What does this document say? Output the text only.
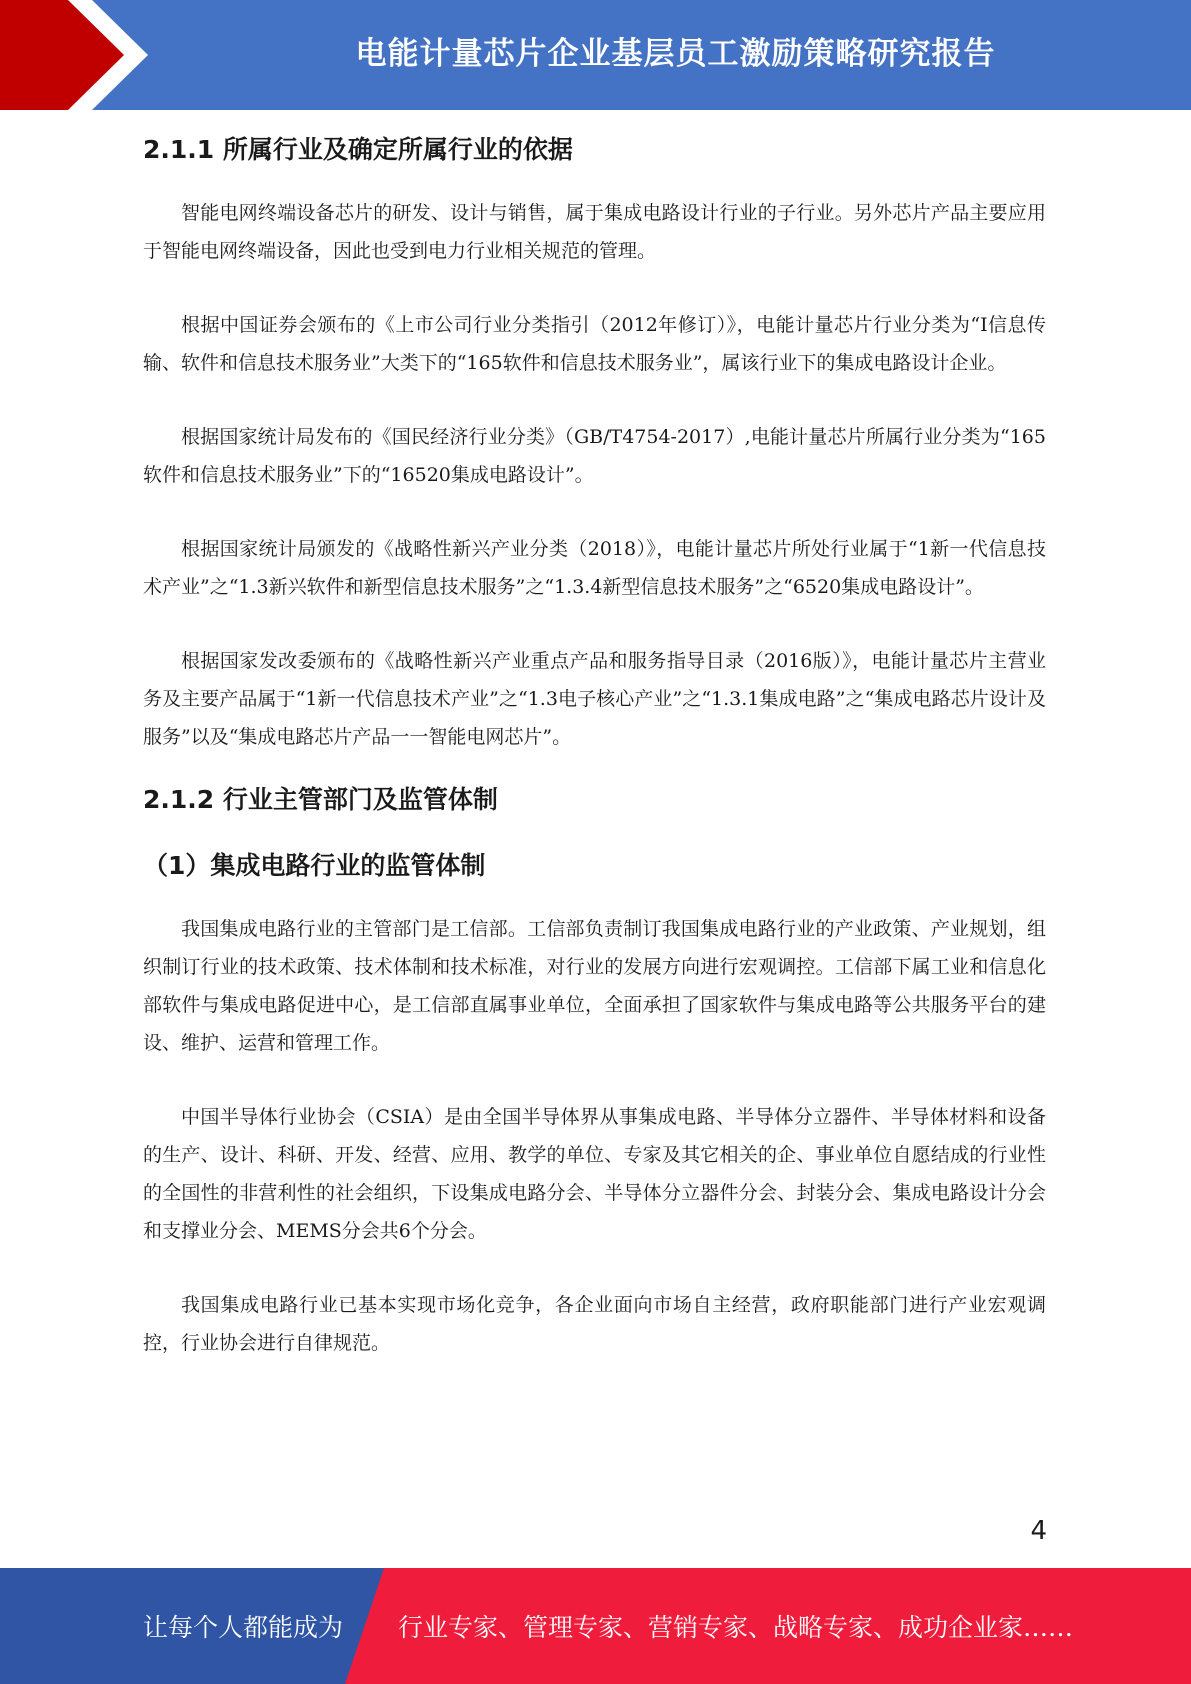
电能计量芯片企业基层员工激励策略研究报告
2.1.1 所属行业及确定所属行业的依据

智能电网终端设备芯片的研发、设计与销售，属于集成电路设计行业的子行业。另外芯片产品主要应用于智能电网终端设备，因此也受到电力行业相关规范的管理。

根据中国证券会颁布的《上市公司行业分类指引（2012年修订）》，电能计量芯片行业分类为“I信息传输、软件和信息技术服务业”大类下的“165软件和信息技术服务业”，属该行业下的集成电路设计企业。

根据国家统计局发布的《国民经济行业分类》（GB/T4754-2017）,电能计量芯片所属行业分类为“165软件和信息技术服务业”下的“16520集成电路设计”。

根据国家统计局颁发的《战略性新兴产业分类（2018）》，电能计量芯片所处行业属于“1新一代信息技术产业”之“1.3新兴软件和新型信息技术服务”之“1.3.4新型信息技术服务”之“6520集成电路设计”。

根据国家发改委颁布的《战略性新兴产业重点产品和服务指导目录（2016版）》，电能计量芯片主营业务及主要产品属于“1新一代信息技术产业”之“1.3电子核心产业”之“1.3.1集成电路”之“集成电路芯片设计及服务”以及“集成电路芯片产品一一智能电网芯片”。

2.1.2 行业主管部门及监管体制
（1）集成电路行业的监管体制

我国集成电路行业的主管部门是工信部。工信部负责制订我国集成电路行业的产业政策、产业规划，组织制订行业的技术政策、技术体制和技术标准，对行业的发展方向进行宏观调控。工信部下属工业和信息化部软件与集成电路促进中心，是工信部直属事业单位，全面承担了国家软件与集成电路等公共服务平台的建设、维护、运营和管理工作。

中国半导体行业协会（CSIA）是由全国半导体界从事集成电路、半导体分立器件、半导体材料和设备的生产、设计、科研、开发、经营、应用、教学的单位、专家及其它相关的企、事业单位自愿结成的行业性的全国性的非营利性的社会组织，下设集成电路分会、半导体分立器件分会、封装分会、集成电路设计分会和支撑业分会、MEMS分会共6个分会。

我国集成电路行业已基本实现市场化竞争，各企业面向市场自主经营，政府职能部门进行产业宏观调控，行业协会进行自律规范。

4
让每个人都能成为 行业专家、管理专家、营销专家、战略专家、成功企业家……
